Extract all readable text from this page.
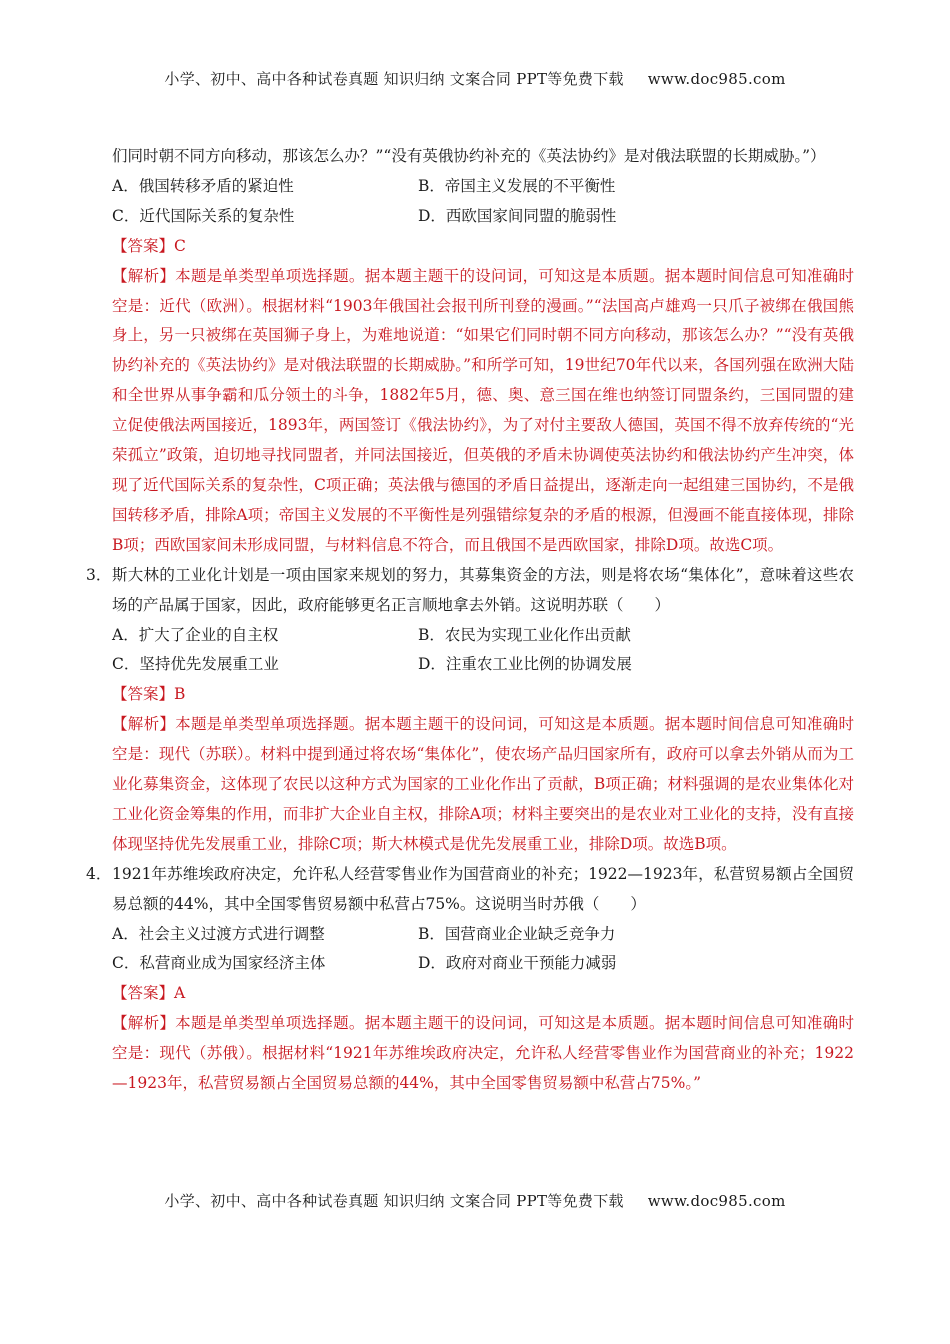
小学、初中、高中各种试卷真题 知识归纳 文案合同 PPT等免费下载 www.doc985.com

们同时朝不同方向移动，那该怎么办？”“没有英俄协约补充的《英法协约》是对俄法联盟的长期威胁。”）

A．俄国转移矛盾的紧迫性	B．帝国主义发展的不平衡性
C．近代国际关系的复杂性	D．西欧国家间同盟的脆弱性

【答案】C

【解析】本题是单类型单项选择题。据本题主题干的设问词，可知这是本质题。据本题时间信息可知准确时空是：近代（欧洲）。根据材料“1903年俄国社会报刊所刊登的漫画。”“法国高卢雄鸡一只爪子被绑在俄国熊身上，另一只被绑在英国狮子身上，为难地说道：“如果它们同时朝不同方向移动，那该怎么办？”“没有英俄协约补充的《英法协约》是对俄法联盟的长期威胁。”和所学可知，19世纪70年代以来，各国列强在欧洲大陆和全世界从事争霸和瓜分领土的斗争，1882年5月，德、奥、意三国在维也纳签订同盟条约，三国同盟的建立促使俄法两国接近，1893年，两国签订《俄法协约》，为了对付主要敌人德国，英国不得不放弃传统的“光荣孤立”政策，迫切地寻找同盟者，并同法国接近，但英俄的矛盾未协调使英法协约和俄法协约产生冲突，体现了近代国际关系的复杂性，C项正确；英法俄与德国的矛盾日益提出，逐渐走向一起组建三国协约，不是俄国转移矛盾，排除A项；帝国主义发展的不平衡性是列强错综复杂的矛盾的根源，但漫画不能直接体现，排除B项；西欧国家间未形成同盟，与材料信息不符合，而且俄国不是西欧国家，排除D项。故选C项。

3． 斯大林的工业化计划是一项由国家来规划的努力，其募集资金的方法，则是将农场“集体化”，意味着这些农场的产品属于国家，因此，政府能够更名正言顺地拿去外销。这说明苏联（　　）

A．扩大了企业的自主权	B．农民为实现工业化作出贡献
C．坚持优先发展重工业	D．注重农工业比例的协调发展

【答案】B

【解析】本题是单类型单项选择题。据本题主题干的设问词，可知这是本质题。据本题时间信息可知准确时空是：现代（苏联）。材料中提到通过将农场“集体化”，使农场产品归国家所有，政府可以拿去外销从而为工业化募集资金，这体现了农民以这种方式为国家的工业化作出了贡献，B项正确；材料强调的是农业集体化对工业化资金筹集的作用，而非扩大企业自主权，排除A项；材料主要突出的是农业对工业化的支持，没有直接体现坚持优先发展重工业，排除C项；斯大林模式是优先发展重工业，排除D项。故选B项。

4． 1921年苏维埃政府决定，允许私人经营零售业作为国营商业的补充；1922—1923年，私营贸易额占全国贸易总额的44%，其中全国零售贸易额中私营占75%。这说明当时苏俄（　　）

A．社会主义过渡方式进行调整	B．国营商业企业缺乏竞争力
C．私营商业成为国家经济主体	D．政府对商业干预能力减弱

【答案】A

【解析】本题是单类型单项选择题。据本题主题干的设问词，可知这是本质题。据本题时间信息可知准确时空是：现代（苏俄）。根据材料“1921年苏维埃政府决定，允许私人经营零售业作为国营商业的补充；1922—1923年，私营贸易额占全国贸易总额的44%，其中全国零售贸易额中私营占75%。”

小学、初中、高中各种试卷真题 知识归纳 文案合同 PPT等免费下载 www.doc985.com
